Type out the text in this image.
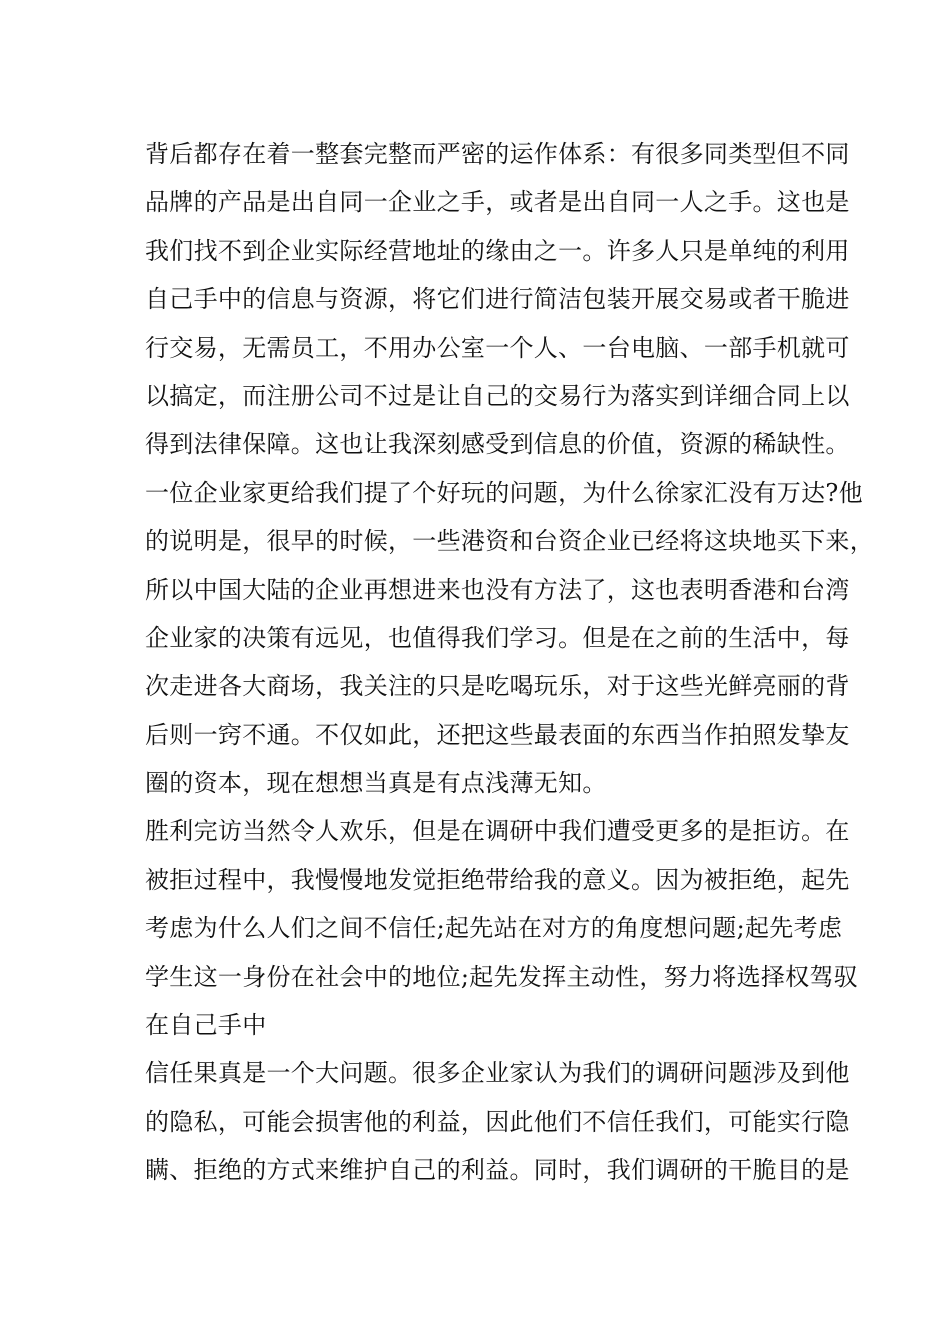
背后都存在着一整套完整而严密的运作体系：有很多同类型但不同
品牌的产品是出自同一企业之手，或者是出自同一人之手。这也是
我们找不到企业实际经营地址的缘由之一。许多人只是单纯的利用
自己手中的信息与资源，将它们进行简洁包装开展交易或者干脆进
行交易，无需员工，不用办公室一个人、一台电脑、一部手机就可
以搞定，而注册公司不过是让自己的交易行为落实到详细合同上以
得到法律保障。这也让我深刻感受到信息的价值，资源的稀缺性。
一位企业家更给我们提了个好玩的问题，为什么徐家汇没有万达?他
的说明是，很早的时候，一些港资和台资企业已经将这块地买下来，
所以中国大陆的企业再想进来也没有方法了，这也表明香港和台湾
企业家的决策有远见，也值得我们学习。但是在之前的生活中，每
次走进各大商场，我关注的只是吃喝玩乐，对于这些光鲜亮丽的背
后则一窍不通。不仅如此，还把这些最表面的东西当作拍照发挚友
圈的资本，现在想想当真是有点浅薄无知。
胜利完访当然令人欢乐，但是在调研中我们遭受更多的是拒访。在
被拒过程中，我慢慢地发觉拒绝带给我的意义。因为被拒绝，起先
考虑为什么人们之间不信任;起先站在对方的角度想问题;起先考虑
学生这一身份在社会中的地位;起先发挥主动性，努力将选择权驾驭
在自己手中
信任果真是一个大问题。很多企业家认为我们的调研问题涉及到他
的隐私，可能会损害他的利益，因此他们不信任我们，可能实行隐
瞒、拒绝的方式来维护自己的利益。同时，我们调研的干脆目的是
